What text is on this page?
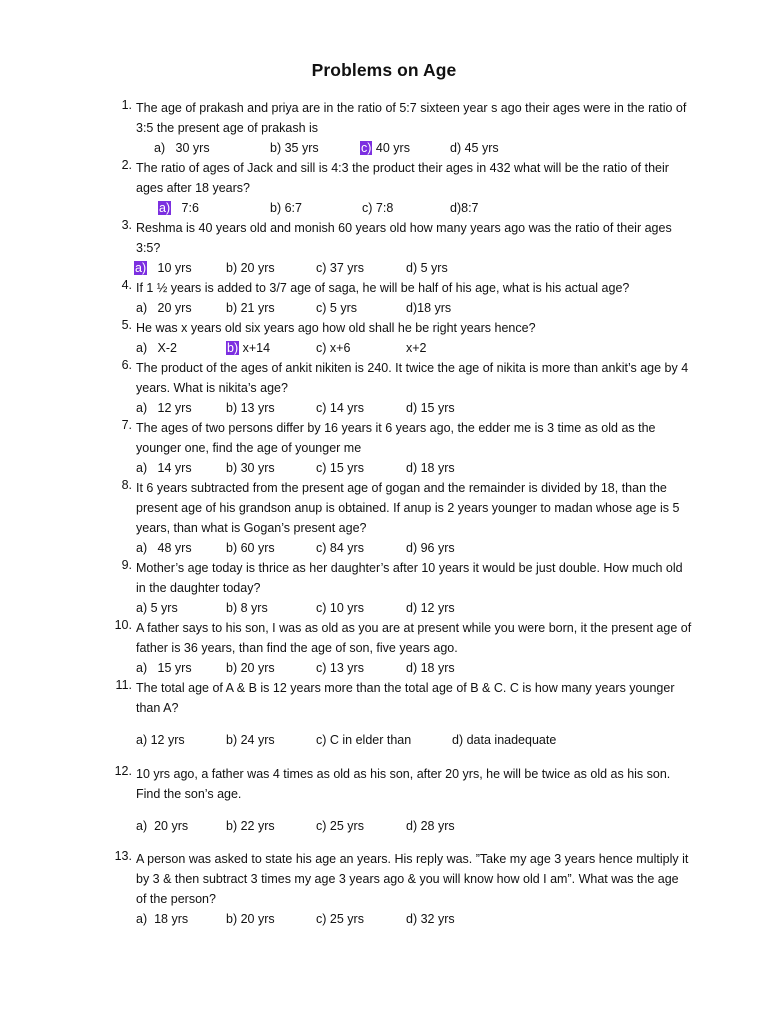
Problems on Age
1. The age of prakash and priya are in the ratio of 5:7 sixteen year s ago their ages were in the ratio of 3:5 the present age of prakash is
a) 30 yrs	b) 35 yrs	c) 40 yrs	d) 45 yrs
2. The ratio of ages of Jack and sill is 4:3 the product their ages in 432 what will be the ratio of their ages after 18 years?
a) 7:6	b) 6:7	c) 7:8	d)8:7
3. Reshma is 40 years old and monish 60 years old how many years ago was the ratio of their ages 3:5?
a) 10 yrs	b) 20 yrs	c) 37 yrs	d) 5 yrs
4. If 1 ½ years is added to 3/7 age of saga, he will be half of his age, what is his actual age?
a) 20 yrs	b) 21 yrs	c) 5 yrs	d)18 yrs
5. He was x years old six years ago how old shall he be right years hence?
a) X-2	b) x+14	c) x+6	x+2
6. The product of the ages of ankit nikiten is 240. It twice the age of nikita is more than ankit’s age by 4 years. What is nikita’s age?
a) 12 yrs	b) 13 yrs	c) 14 yrs	d) 15 yrs
7. The ages of two persons differ by 16 years it 6 years ago, the edder me is 3 time as old as the younger one, find the age of younger me
a) 14 yrs	b) 30 yrs	c) 15 yrs	d) 18 yrs
8. It 6 years subtracted from the present age of gogan and the remainder is divided by 18, than the present age of his grandson anup is obtained. If anup is 2 years younger to madan whose age is 5 years, than what is Gogan’s present age?
a) 48 yrs	b) 60 yrs	c) 84 yrs	d) 96 yrs
9. Mother’s age today is thrice as her daughter’s after 10 years it would be just double. How much old in the daughter today?
a) 5 yrs	b) 8 yrs	c) 10 yrs	d) 12 yrs
10. A father says to his son, I was as old as you are at present while you were born, it the present age of father is 36 years, than find the age of son, five years ago.
a) 15 yrs	b) 20 yrs	c) 13 yrs	d) 18 yrs
11. The total age of A & B is 12 years more than the total age of B & C. C is how many years younger than A?
a) 12 yrs	b) 24 yrs	c) C in elder than	d) data inadequate
12. 10 yrs ago, a father was 4 times as old as his son, after 20 yrs, he will be twice as old as his son. Find the son’s age.
a) 20 yrs	b) 22 yrs	c) 25 yrs	d) 28 yrs
13. A person was asked to state his age an years. His reply was. ”Take my age 3 years hence multiply it by 3 & then subtract 3 times my age 3 years ago & you will know how old I am”. What was the age of the person?
a) 18 yrs	b) 20 yrs	c) 25 yrs	d) 32 yrs
